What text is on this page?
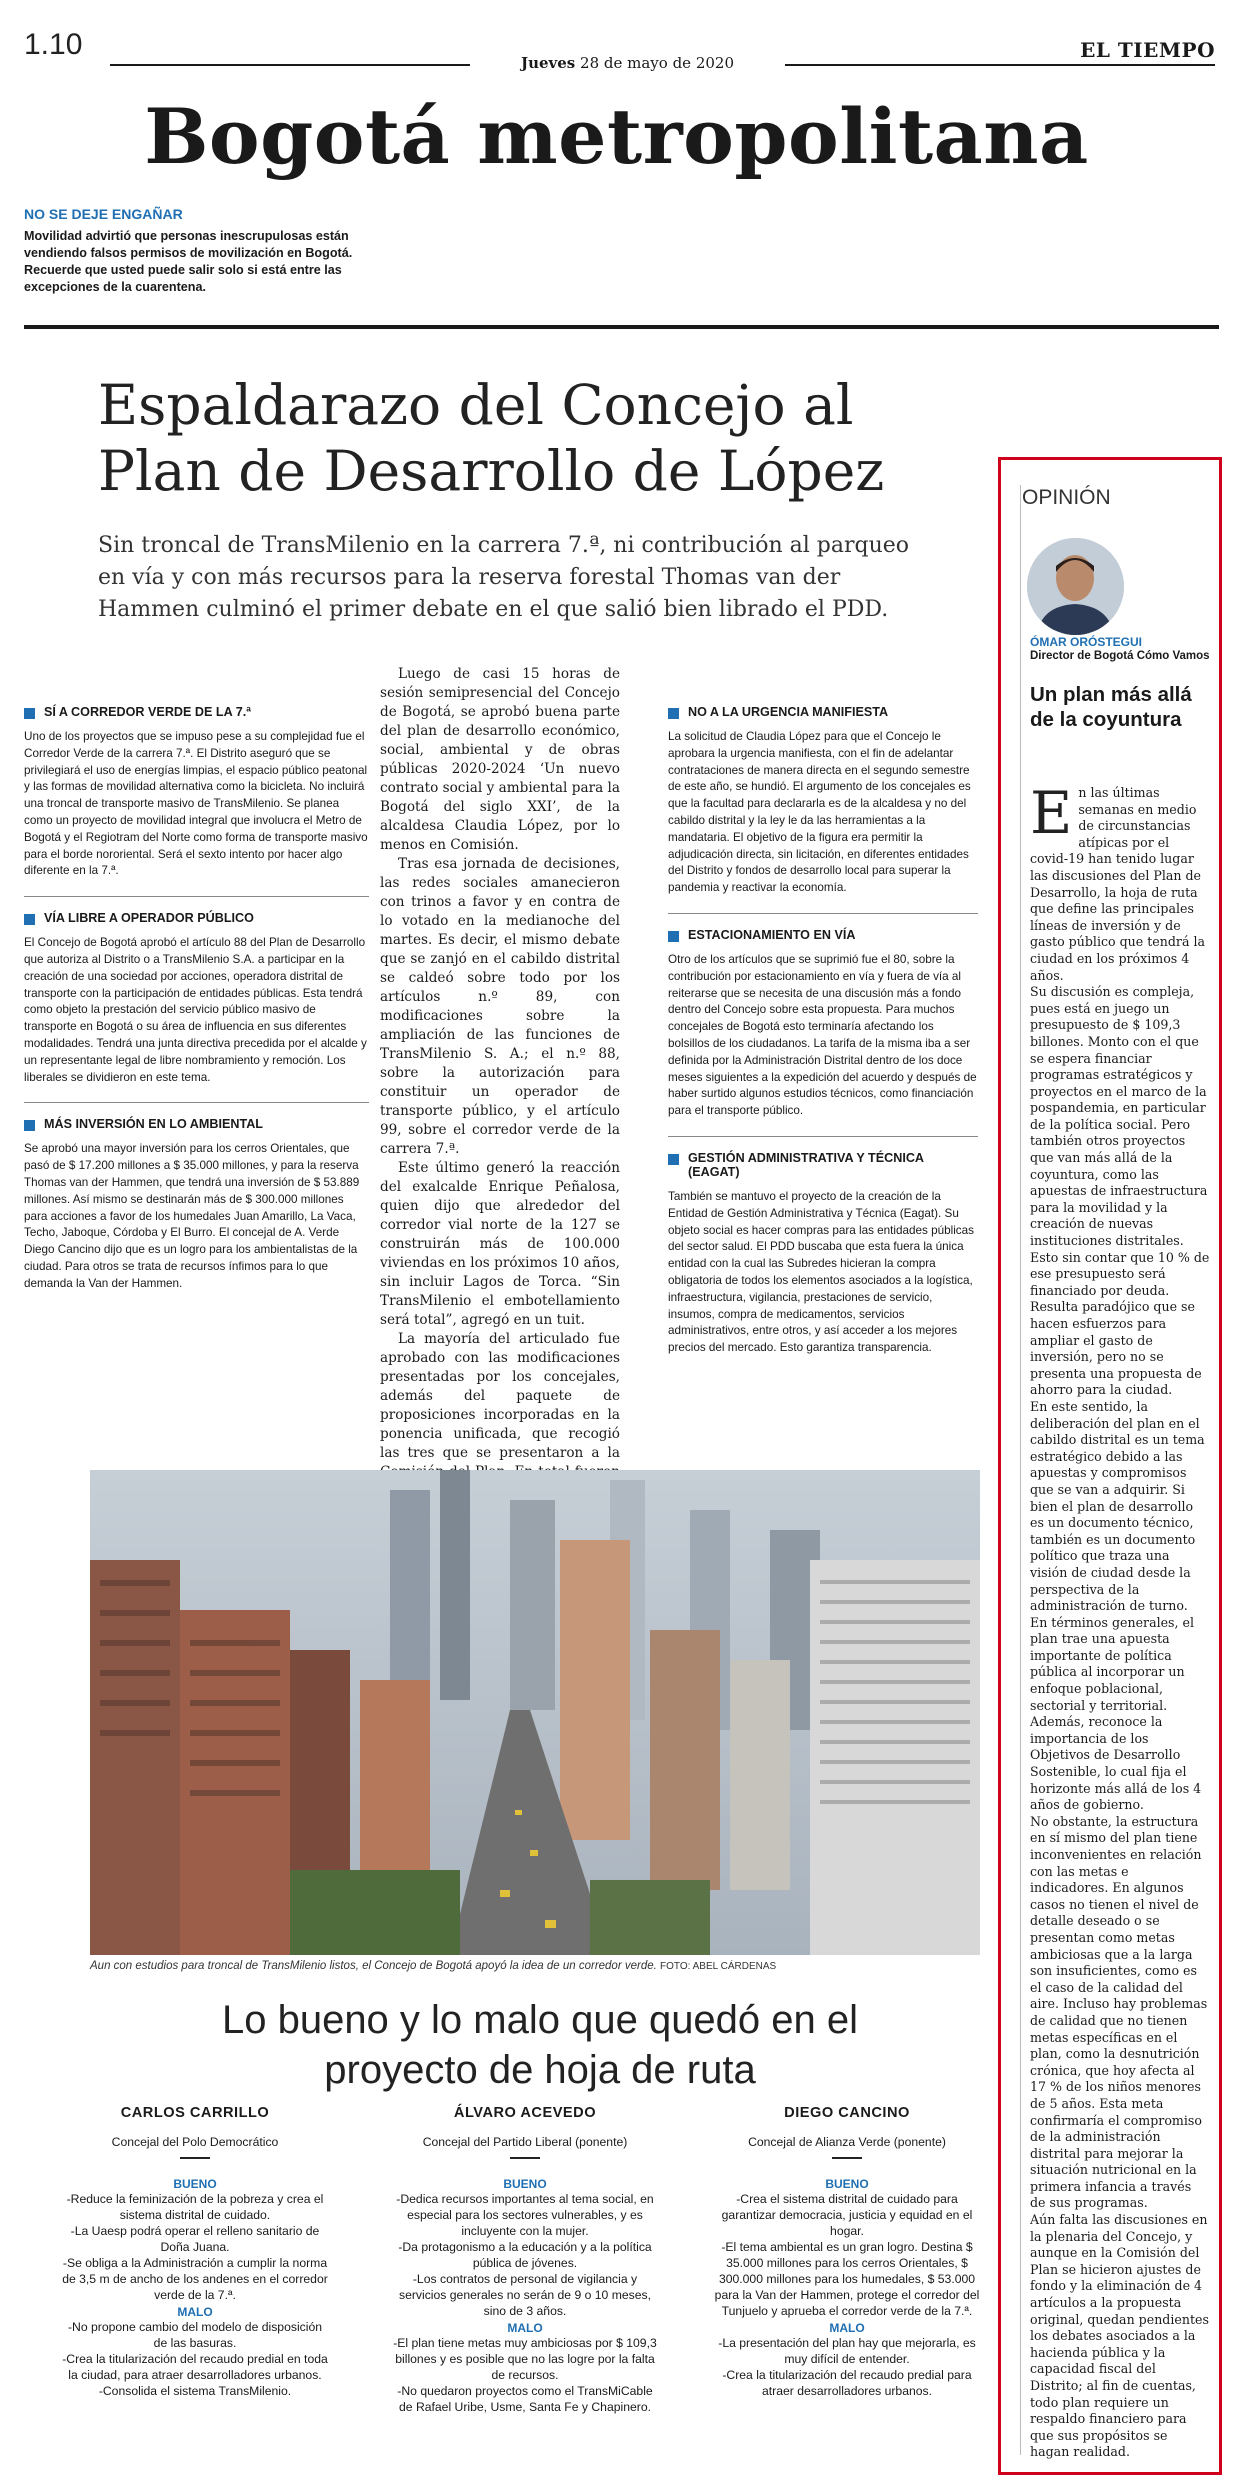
1.10
Jueves 28 de mayo de 2020
EL TIEMPO
Bogotá metropolitana
NO SE DEJE ENGAÑAR
Movilidad advirtió que personas inescrupulosas están vendiendo falsos permisos de movilización en Bogotá. Recuerde que usted puede salir solo si está entre las excepciones de la cuarentena.
Espaldarazo del Concejo al Plan de Desarrollo de López
Sin troncal de TransMilenio en la carrera 7.ª, ni contribución al parqueo en vía y con más recursos para la reserva forestal Thomas van der Hammen culminó el primer debate en el que salió bien librado el PDD.
SÍ A CORREDOR VERDE DE LA 7.ª
Uno de los proyectos que se impuso pese a su complejidad fue el Corredor Verde de la carrera 7.ª. El Distrito aseguró que se privilegiará el uso de energías limpias, el espacio público peatonal y las formas de movilidad alternativa como la bicicleta. No incluirá una troncal de transporte masivo de TransMilenio. Se planea como un proyecto de movilidad integral que involucra el Metro de Bogotá y el Regiotram del Norte como forma de transporte masivo para el borde nororiental. Será el sexto intento por hacer algo diferente en la 7.ª.
VÍA LIBRE A OPERADOR PÚBLICO
El Concejo de Bogotá aprobó el artículo 88 del Plan de Desarrollo que autoriza al Distrito o a TransMilenio S.A. a participar en la creación de una sociedad por acciones, operadora distrital de transporte con la participación de entidades públicas. Esta tendrá como objeto la prestación del servicio público masivo de transporte en Bogotá o su área de influencia en sus diferentes modalidades. Tendrá una junta directiva precedida por el alcalde y un representante legal de libre nombramiento y remoción. Los liberales se dividieron en este tema.
MÁS INVERSIÓN EN LO AMBIENTAL
Se aprobó una mayor inversión para los cerros Orientales, que pasó de $ 17.200 millones a $ 35.000 millones, y para la reserva Thomas van der Hammen, que tendrá una inversión de $ 53.889 millones. Así mismo se destinarán más de $ 300.000 millones para acciones a favor de los humedales Juan Amarillo, La Vaca, Techo, Jaboque, Córdoba y El Burro. El concejal de A. Verde Diego Cancino dijo que es un logro para los ambientalistas de la ciudad. Para otros se trata de recursos ínfimos para lo que demanda la Van der Hammen.

Luego de casi 15 horas de sesión semipresencial del Concejo de Bogotá, se aprobó buena parte del plan de desarrollo económico, social, ambiental y de obras públicas 2020-2024 ‘Un nuevo contrato social y ambiental para la Bogotá del siglo XXI’, de la alcaldesa Claudia López, por lo menos en Comisión.

Tras esa jornada de decisiones, las redes sociales amanecieron con trinos a favor y en contra de lo votado en la medianoche del martes. Es decir, el mismo debate que se zanjó en el cabildo distrital se caldeó sobre todo por los artículos n.º 89, con modificaciones sobre la ampliación de las funciones de TransMilenio S. A.; el n.º 88, sobre la autorización para constituir un operador de transporte público, y el artículo 99, sobre el corredor verde de la carrera 7.ª.

Este último generó la reacción del exalcalde Enrique Peñalosa, quien dijo que alrededor del corredor vial norte de la 127 se construirán más de 100.000 viviendas en los próximos 10 años, sin incluir Lagos de Torca. “Sin TransMilenio el embotellamiento será total”, agregó en un tuit.

La mayoría del articulado fue aprobado con las modificaciones presentadas por los concejales, además del paquete de proposiciones incorporadas en la ponencia unificada, que recogió las tres que se presentaron a la

NO A LA URGENCIA MANIFIESTA
La solicitud de Claudia López para que el Concejo le aprobara la urgencia manifiesta, con el fin de adelantar contrataciones de manera directa en el segundo semestre de este año, se hundió. El argumento de los concejales es que la facultad para declararla es de la alcaldesa y no del cabildo distrital y la ley le da las herramientas a la mandataria. El objetivo de la figura era permitir la adjudicación directa, sin licitación, en diferentes entidades del Distrito y fondos de desarrollo local para superar la pandemia y reactivar la economía.
ESTACIONAMIENTO EN VÍA
Otro de los artículos que se suprimió fue el 80, sobre la contribución por estacionamiento en vía y fuera de vía al reiterarse que se necesita de una discusión más a fondo dentro del Concejo sobre esta propuesta. Para muchos concejales de Bogotá esto terminaría afectando los bolsillos de los ciudadanos. La tarifa de la misma iba a ser definida por la Administración Distrital dentro de los doce meses siguientes a la expedición del acuerdo y después de haber surtido algunos estudios técnicos, como financiación para el transporte público.
GESTIÓN ADMINISTRATIVA Y TÉCNICA (EAGAT)
También se mantuvo el proyecto de la creación de la Entidad de Gestión Administrativa y Técnica (Eagat). Su objeto social es hacer compras para las entidades públicas del sector salud. El PDD buscaba que esta fuera la única entidad con la cual las Subredes hicieran la compra obligatoria de todos los elementos asociados a la logística, infraestructura, vigilancia, prestaciones de servicio, insumos, compra de medicamentos, servicios administrativos, entre otros, y así acceder a los mejores precios del mercado. Esto garantiza transparencia.
Aun con estudios para troncal de TransMilenio listos, el Concejo de Bogotá apoyó la idea de un corredor verde. FOTO: ABEL CÁRDENAS
Lo bueno y lo malo que quedó en el proyecto de hoja de ruta
CARLOS CARRILLO
Concejal del Polo Democrático
BUENO
-Reduce la feminización de la pobreza y crea el sistema distrital de cuidado.
-La Uaesp podrá operar el relleno sanitario de Doña Juana.
-Se obliga a la Administración a cumplir la norma de 3,5 m de ancho de los andenes en el corredor verde de la 7.ª.
MALO
-No propone cambio del modelo de disposición de las basuras.
-Crea la titularización del recaudo predial en toda la ciudad, para atraer desarrolladores urbanos.
-Consolida el sistema TransMilenio.
ÁLVARO ACEVEDO
Concejal del Partido Liberal (ponente)
BUENO
-Dedica recursos importantes al tema social, en especial para los sectores vulnerables, y es incluyente con la mujer.
-Da protagonismo a la educación y a la política pública de jóvenes.
-Los contratos de personal de vigilancia y servicios generales no serán de 9 o 10 meses, sino de 3 años.
MALO
-El plan tiene metas muy ambiciosas por $ 109,3 billones y es posible que no las logre por la falta de recursos.
-No quedaron proyectos como el TransMiCable de Rafael Uribe, Usme, Santa Fe y Chapinero.
DIEGO CANCINO
Concejal de Alianza Verde (ponente)
BUENO
-Crea el sistema distrital de cuidado para garantizar democracia, justicia y equidad en el hogar.
-El tema ambiental es un gran logro. Destina $ 35.000 millones para los cerros Orientales, $ 300.000 millones para los humedales, $ 53.000 para la Van der Hammen, protege el corredor del Tunjuelo y aprueba el corredor verde de la 7.ª.
MALO
-La presentación del plan hay que mejorarla, es muy difícil de entender.
-Crea la titularización del recaudo predial para atraer desarrolladores urbanos.
OPINIÓN
ÓMAR ORÓSTEGUI
Director de Bogotá Cómo Vamos
Un plan más allá de la coyuntura

En las últimas semanas en medio de circunstancias atípicas por el covid-19 han tenido lugar las discusiones del Plan de Desarrollo, la hoja de ruta que define las principales líneas de inversión y de gasto público que tendrá la ciudad en los próximos 4 años.

Su discusión es compleja, pues está en juego un presupuesto de $ 109,3 billones. Monto con el que se espera financiar programas estratégicos y proyectos en el marco de la pospandemia, en particular de la política social. Pero también otros proyectos que van más allá de la coyuntura, como las apuestas de infraestructura para la movilidad y la creación de nuevas instituciones distritales. Esto sin contar que 10 % de ese presupuesto será financiado por deuda.

Resulta paradójico que se hacen esfuerzos para ampliar el gasto de inversión, pero no se presenta una propuesta de ahorro para la ciudad.

En este sentido, la deliberación del plan en el cabildo distrital es un tema estratégico debido a las apuestas y compromisos que se van a adquirir. Si bien el plan de desarrollo es un documento técnico, también es un documento político que traza una visión de ciudad desde la perspectiva de la administración de turno.

En términos generales, el plan trae una apuesta importante de política pública al incorporar un enfoque poblacional, sectorial y territorial. Además, reconoce la importancia de los Objetivos de Desarrollo Sostenible, lo cual fija el horizonte más allá de los 4 años de gobierno.

No obstante, la estructura en sí mismo del plan tiene inconvenientes en relación con las metas e indicadores. En algunos casos no tienen el nivel de detalle deseado o se presentan como metas ambiciosas que a la larga son insuficientes, como es el caso de la calidad del aire. Incluso hay problemas de calidad que no tienen metas específicas en el plan, como la desnutrición crónica, que hoy afecta al 17 % de los niños menores de 5 años. Esta meta confirmaría el compromiso de la administración distrital para mejorar la situación nutricional en la primera infancia a través de sus programas.

Aún falta las discusiones en la plenaria del Concejo, y aunque en la Comisión del Plan se hicieron ajustes de fondo y la eliminación de 4 artículos a la propuesta original, quedan pendientes los debates asociados a la hacienda pública y la capacidad fiscal del Distrito; al fin de cuentas, todo plan requiere un respaldo financiero para que sus propósitos se hagan realidad.
